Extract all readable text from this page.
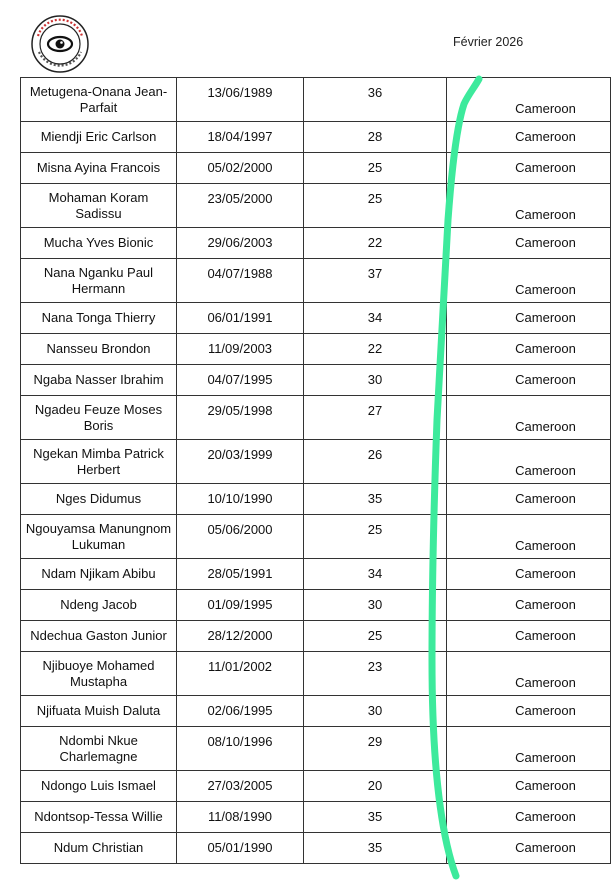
Février 2026
Metugena-Onana Jean-Parfait	13/06/1989	36	Cameroon
Miendji Eric Carlson	18/04/1997	28	Cameroon
Misna Ayina Francois	05/02/2000	25	Cameroon
Mohaman Koram Sadissu	23/05/2000	25	Cameroon
Mucha Yves Bionic	29/06/2003	22	Cameroon
Nana Nganku Paul Hermann	04/07/1988	37	Cameroon
Nana Tonga Thierry	06/01/1991	34	Cameroon
Nansseu Brondon	11/09/2003	22	Cameroon
Ngaba Nasser Ibrahim	04/07/1995	30	Cameroon
Ngadeu Feuze Moses Boris	29/05/1998	27	Cameroon
Ngekan Mimba Patrick Herbert	20/03/1999	26	Cameroon
Nges Didumus	10/10/1990	35	Cameroon
Ngouyamsa Manungnom Lukuman	05/06/2000	25	Cameroon
Ndam Njikam Abibu	28/05/1991	34	Cameroon
Ndeng Jacob	01/09/1995	30	Cameroon
Ndechua Gaston Junior	28/12/2000	25	Cameroon
Njibuoye Mohamed Mustapha	11/01/2002	23	Cameroon
Njifuata Muish Daluta	02/06/1995	30	Cameroon
Ndombi Nkue Charlemagne	08/10/1996	29	Cameroon
Ndongo Luis Ismael	27/03/2005	20	Cameroon
Ndontsop-Tessa Willie	11/08/1990	35	Cameroon
Ndum Christian	05/01/1990	35	Cameroon
